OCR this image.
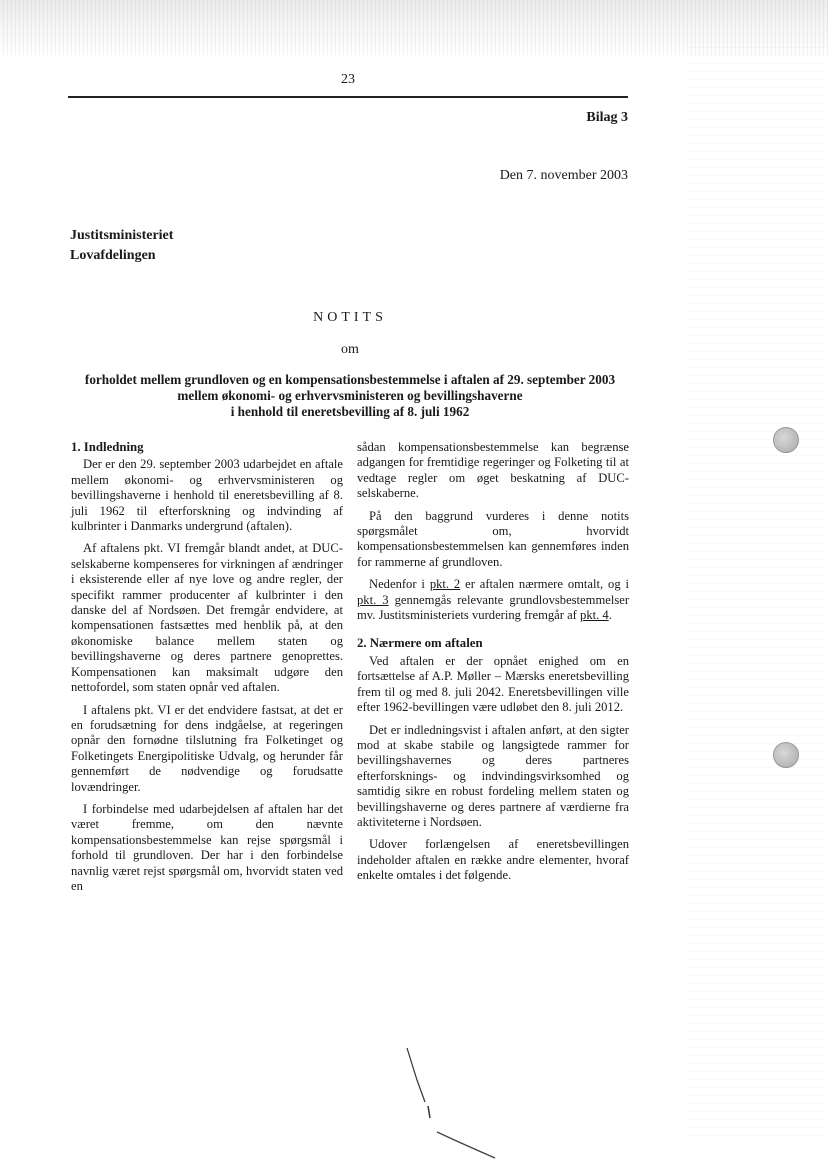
23
Bilag 3
Den 7. november 2003
Justitsministeriet
Lovafdelingen
NOTITS
om
forholdet mellem grundloven og en kompensationsbestemmelse i aftalen af 29. september 2003
mellem økonomi- og erhvervsministeren og bevillingshaverne
i henhold til eneretsbevilling af 8. juli 1962
1. Indledning

Der er den 29. september 2003 udarbejdet en aftale mellem økonomi- og erhvervsministeren og bevillingshaverne i henhold til eneretsbevilling af 8. juli 1962 til efterforskning og indvinding af kulbrinter i Danmarks undergrund (aftalen).

Af aftalens pkt. VI fremgår blandt andet, at DUC-selskaberne kompenseres for virkningen af ændringer i eksisterende eller af nye love og andre regler, der specifikt rammer producenter af kulbrinter i den danske del af Nordsøen. Det fremgår endvidere, at kompensationen fastsættes med henblik på, at den økonomiske balance mellem staten og bevillingshaverne og deres partnere genoprettes. Kompensationen kan maksimalt udgøre den nettofordel, som staten opnår ved aftalen.

I aftalens pkt. VI er det endvidere fastsat, at det er en forudsætning for dens indgåelse, at regeringen opnår den fornødne tilslutning fra Folketinget og Folketingets Energipolitiske Udvalg, og herunder får gennemført de nødvendige og forudsatte lovændringer.

I forbindelse med udarbejdelsen af aftalen har det været fremme, om den nævnte kompensationsbestemmelse kan rejse spørgsmål i forhold til grundloven. Der har i den forbindelse navnlig været rejst spørgsmål om, hvorvidt staten ved en

sådan kompensationsbestemmelse kan begrænse adgangen for fremtidige regeringer og Folketing til at vedtage regler om øget beskatning af DUC-selskaberne.

På den baggrund vurderes i denne notits spørgsmålet om, hvorvidt kompensationsbestemmelsen kan gennemføres inden for rammerne af grundloven.

Nedenfor i pkt. 2 er aftalen nærmere omtalt, og i pkt. 3 gennemgås relevante grundlovsbestemmelser mv. Justitsministeriets vurdering fremgår af pkt. 4.

2. Nærmere om aftalen

Ved aftalen er der opnået enighed om en fortsættelse af A.P. Møller – Mærsks eneretsbevilling frem til og med 8. juli 2042. Eneretsbevillingen ville efter 1962-bevillingen være udløbet den 8. juli 2012.

Det er indledningsvist i aftalen anført, at den sigter mod at skabe stabile og langsigtede rammer for bevillingshavernes og deres partneres efterforsknings- og indvindingsvirksomhed og samtidig sikre en robust fordeling mellem staten og bevillingshaverne og deres partnere af værdierne fra aktiviteterne i Nordsøen.

Udover forlængelsen af eneretsbevillingen indeholder aftalen en række andre elementer, hvoraf enkelte omtales i det følgende.
